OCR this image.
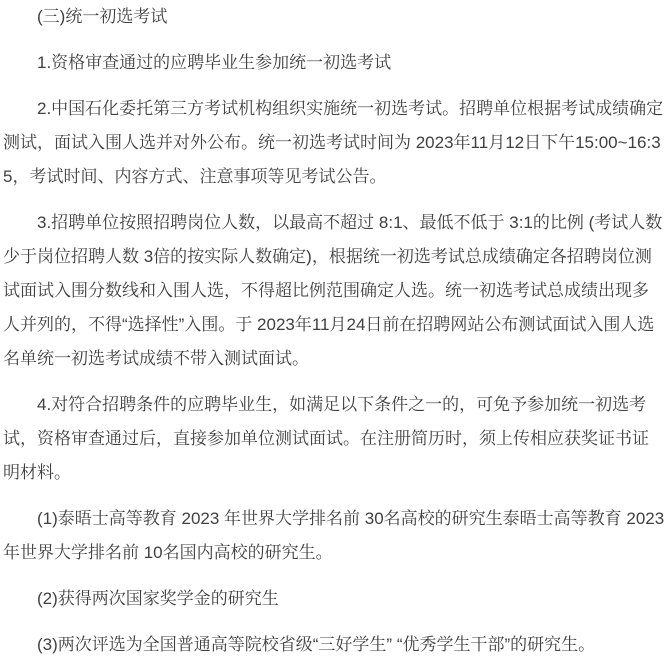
(三)统一初选考试

1.资格审查通过的应聘毕业生参加统一初选考试

2.中国石化委托第三方考试机构组织实施统一初选考试。招聘单位根据考试成绩确定测试，面试入围人选并对外公布。统一初选考试时间为 2023年11月12日下午15:00~16:35，考试时间、内容方式、注意事项等见考试公告。

3.招聘单位按照招聘岗位人数，以最高不超过 8:1、最低不低于 3:1的比例 (考试人数少于岗位招聘人数 3倍的按实际人数确定)，根据统一初选考试总成绩确定各招聘岗位测试面试入围分数线和入围人选，不得超比例范围确定人选。统一初选考试总成绩出现多人并列的，不得“选择性”入围。于 2023年11月24日前在招聘网站公布测试面试入围人选名单统一初选考试成绩不带入测试面试。

4.对符合招聘条件的应聘毕业生，如满足以下条件之一的，可免予参加统一初选考试，资格审查通过后，直接参加单位测试面试。在注册简历时，须上传相应获奖证书证明材料。

(1)泰晤士高等教育 2023 年世界大学排名前 30名高校的研究生泰晤士高等教育 2023 年世界大学排名前 10名国内高校的研究生。

(2)获得两次国家奖学金的研究生

(3)两次评选为全国普通高等院校省级“三好学生” “优秀学生干部”的研究生。
